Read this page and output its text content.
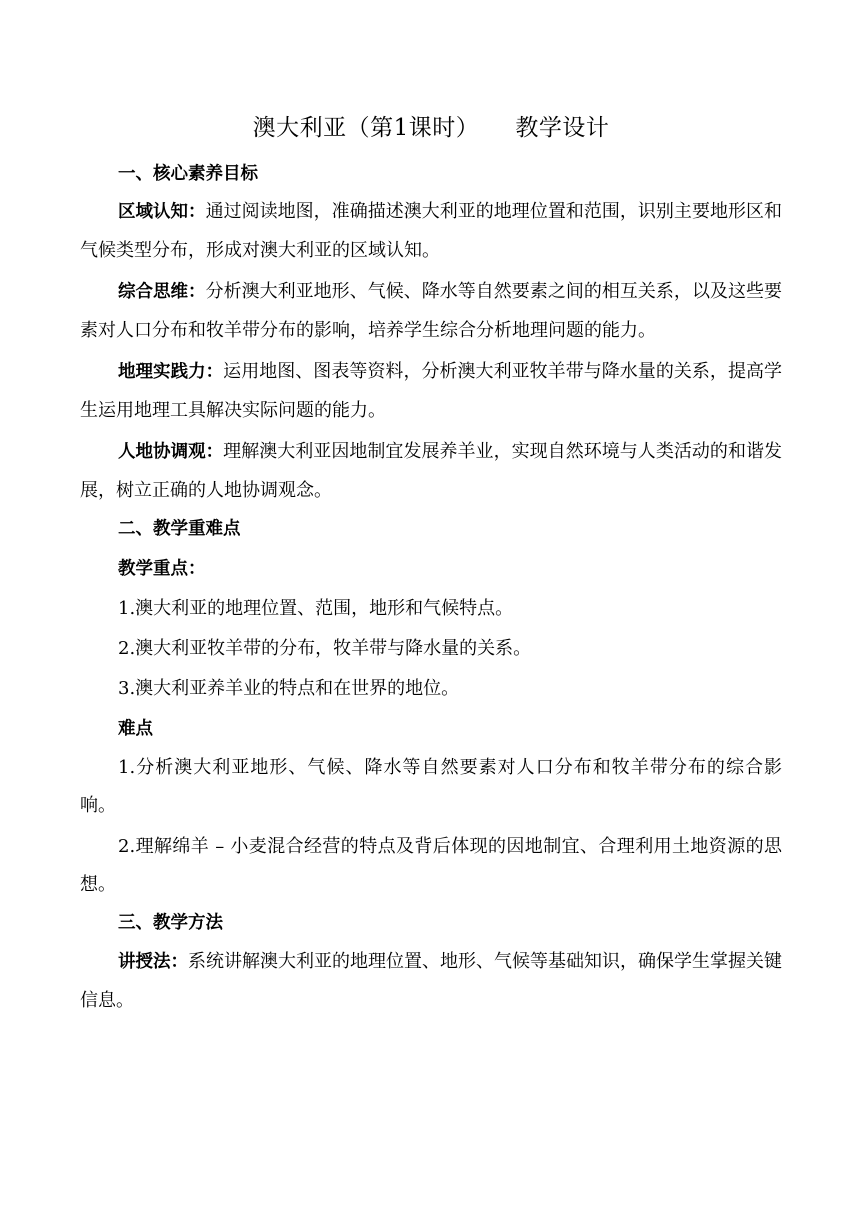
澳大利亚（第1课时） 教学设计
一、核心素养目标

区域认知：通过阅读地图，准确描述澳大利亚的地理位置和范围，识别主要地形区和气候类型分布，形成对澳大利亚的区域认知。

综合思维：分析澳大利亚地形、气候、降水等自然要素之间的相互关系，以及这些要素对人口分布和牧羊带分布的影响，培养学生综合分析地理问题的能力。

地理实践力：运用地图、图表等资料，分析澳大利亚牧羊带与降水量的关系，提高学生运用地理工具解决实际问题的能力。

人地协调观：理解澳大利亚因地制宜发展养羊业，实现自然环境与人类活动的和谐发展，树立正确的人地协调观念。

二、教学重难点
教学重点：

1.澳大利亚的地理位置、范围，地形和气候特点。

2.澳大利亚牧羊带的分布，牧羊带与降水量的关系。

3.澳大利亚养羊业的特点和在世界的地位。

难点

1.分析澳大利亚地形、气候、降水等自然要素对人口分布和牧羊带分布的综合影响。

2.理解绵羊 – 小麦混合经营的特点及背后体现的因地制宜、合理利用土地资源的思想。

三、教学方法

讲授法：系统讲解澳大利亚的地理位置、地形、气候等基础知识，确保学生掌握关键信息。
